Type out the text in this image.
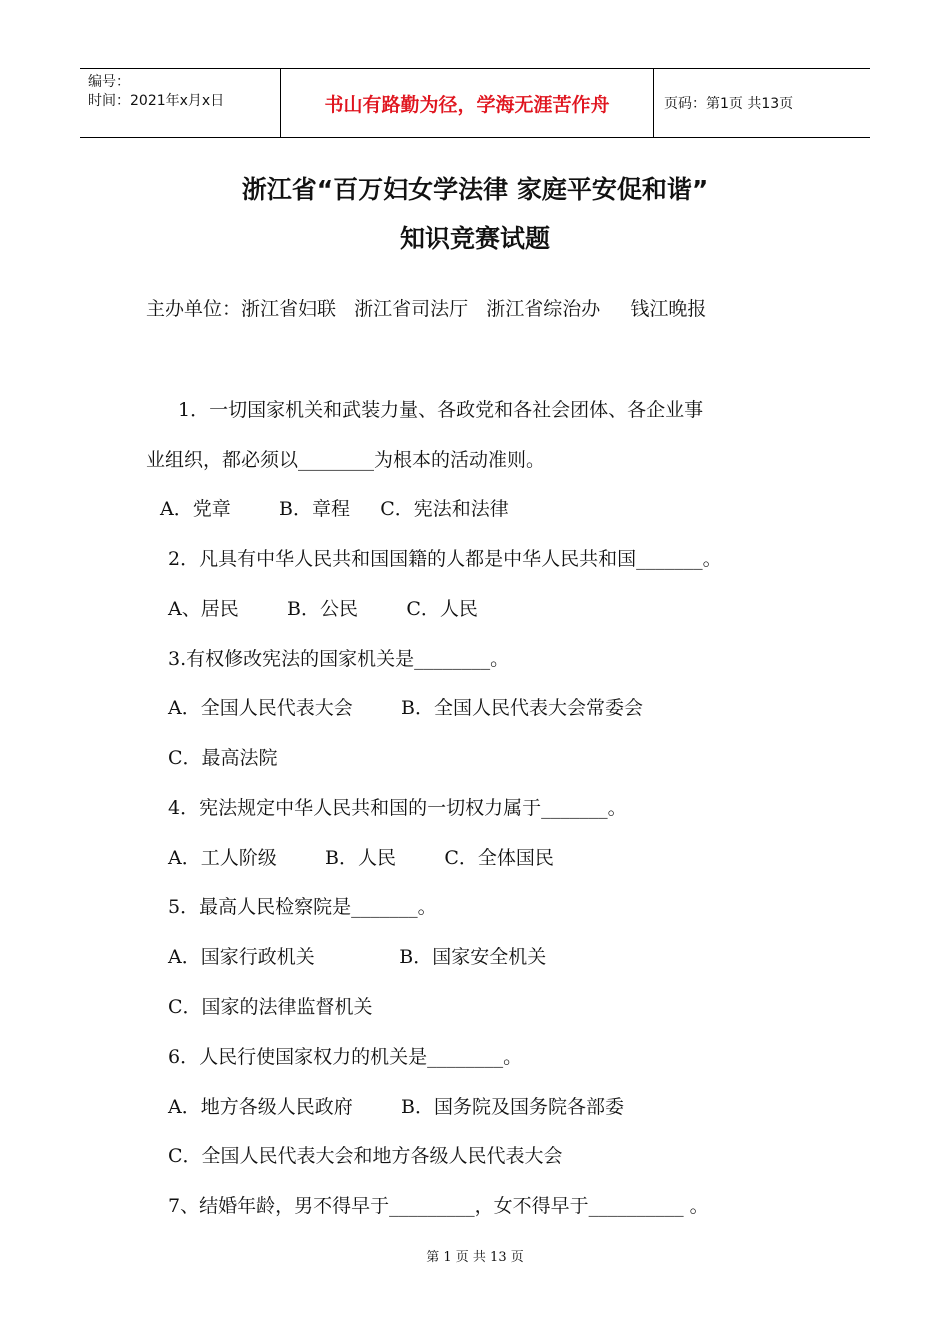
编号：
时间：2021年x月x日	书山有路勤为径，学海无涯苦作舟	页码：第1页 共13页
浙江省“百万妇女学法律 家庭平安促和谐”
知识竞赛试题
主办单位：浙江省妇联   浙江省司法厅   浙江省综治办     钱江晚报
1．一切国家机关和武装力量、各政党和各社会团体、各企业事
业组织，都必须以________为根本的活动准则。
A．党章        B．章程     C．宪法和法律
2．凡具有中华人民共和国国籍的人都是中华人民共和国_______。
A、居民        B．公民        C．人民
3.有权修改宪法的国家机关是________。
A．全国人民代表大会        B．全国人民代表大会常委会
C．最高法院
4．宪法规定中华人民共和国的一切权力属于_______。
A．工人阶级        B．人民        C．全体国民
5．最高人民检察院是_______。
A．国家行政机关              B．国家安全机关
C．国家的法律监督机关
6．人民行使国家权力的机关是________。
A．地方各级人民政府        B．国务院及国务院各部委
C．全国人民代表大会和地方各级人民代表大会
7、结婚年龄，男不得早于_________，女不得早于__________ 。
第 1 页 共 13 页
